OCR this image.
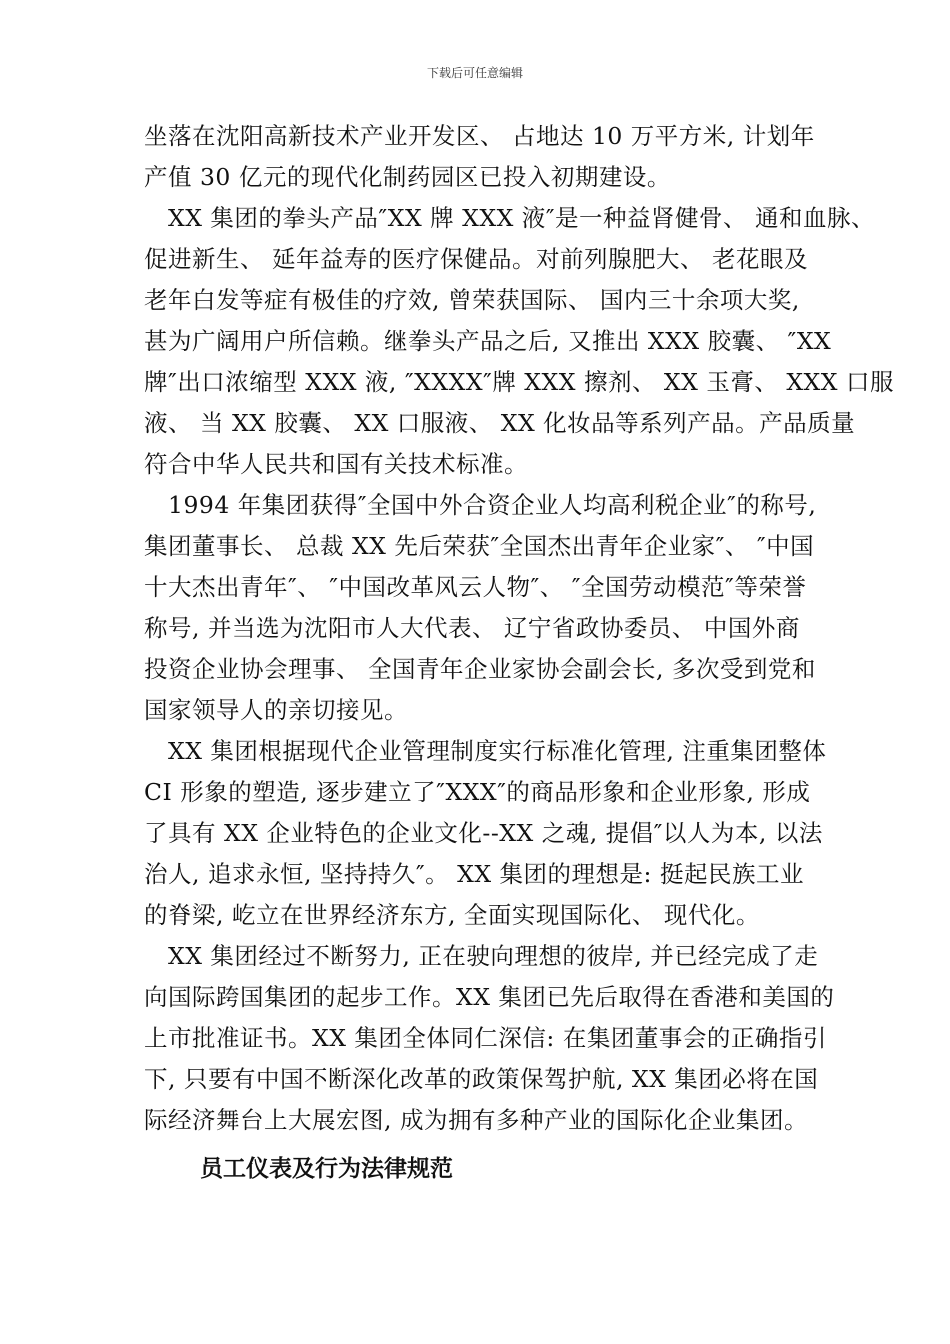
下载后可任意编辑
坐落在沈阳高新技术产业开发区、 占地达 10 万平方米, 计划年
产值 30 亿元的现代化制药园区已投入初期建设。
　XX 集团的拳头产品″XX 牌 XXX 液″是一种益肾健骨、 通和血脉、
促进新生、 延年益寿的医疗保健品。对前列腺肥大、 老花眼及
老年白发等症有极佳的疗效, 曾荣获国际、 国内三十余项大奖,
甚为广阔用户所信赖。继拳头产品之后, 又推出 XXX 胶囊、 ″XX
牌″出口浓缩型 XXX 液, ″XXXX″牌 XXX 擦剂、 XX 玉膏、 XXX 口服
液、 当 XX 胶囊、 XX 口服液、 XX 化妆品等系列产品。产品质量
符合中华人民共和国有关技术标准。
　1994 年集团获得″全国中外合资企业人均高利税企业″的称号,
集团董事长、 总裁 XX 先后荣获″全国杰出青年企业家″、 ″中国
十大杰出青年″、 ″中国改革风云人物″、 ″全国劳动模范″等荣誉
称号, 并当选为沈阳市人大代表、 辽宁省政协委员、 中国外商
投资企业协会理事、 全国青年企业家协会副会长, 多次受到党和
国家领导人的亲切接见。
　XX 集团根据现代企业管理制度实行标准化管理, 注重集团整体
CI 形象的塑造, 逐步建立了″XXX″的商品形象和企业形象, 形成
了具有 XX 企业特色的企业文化--XX 之魂, 提倡″以人为本, 以法
治人, 追求永恒, 坚持持久″。 XX 集团的理想是: 挺起民族工业
的脊梁, 屹立在世界经济东方, 全面实现国际化、 现代化。
　XX 集团经过不断努力, 正在驶向理想的彼岸, 并已经完成了走
向国际跨国集团的起步工作。XX 集团已先后取得在香港和美国的
上市批准证书。XX 集团全体同仁深信: 在集团董事会的正确指引
下, 只要有中国不断深化改革的政策保驾护航, XX 集团必将在国
际经济舞台上大展宏图, 成为拥有多种产业的国际化企业集团。
员工仪表及行为法律规范
